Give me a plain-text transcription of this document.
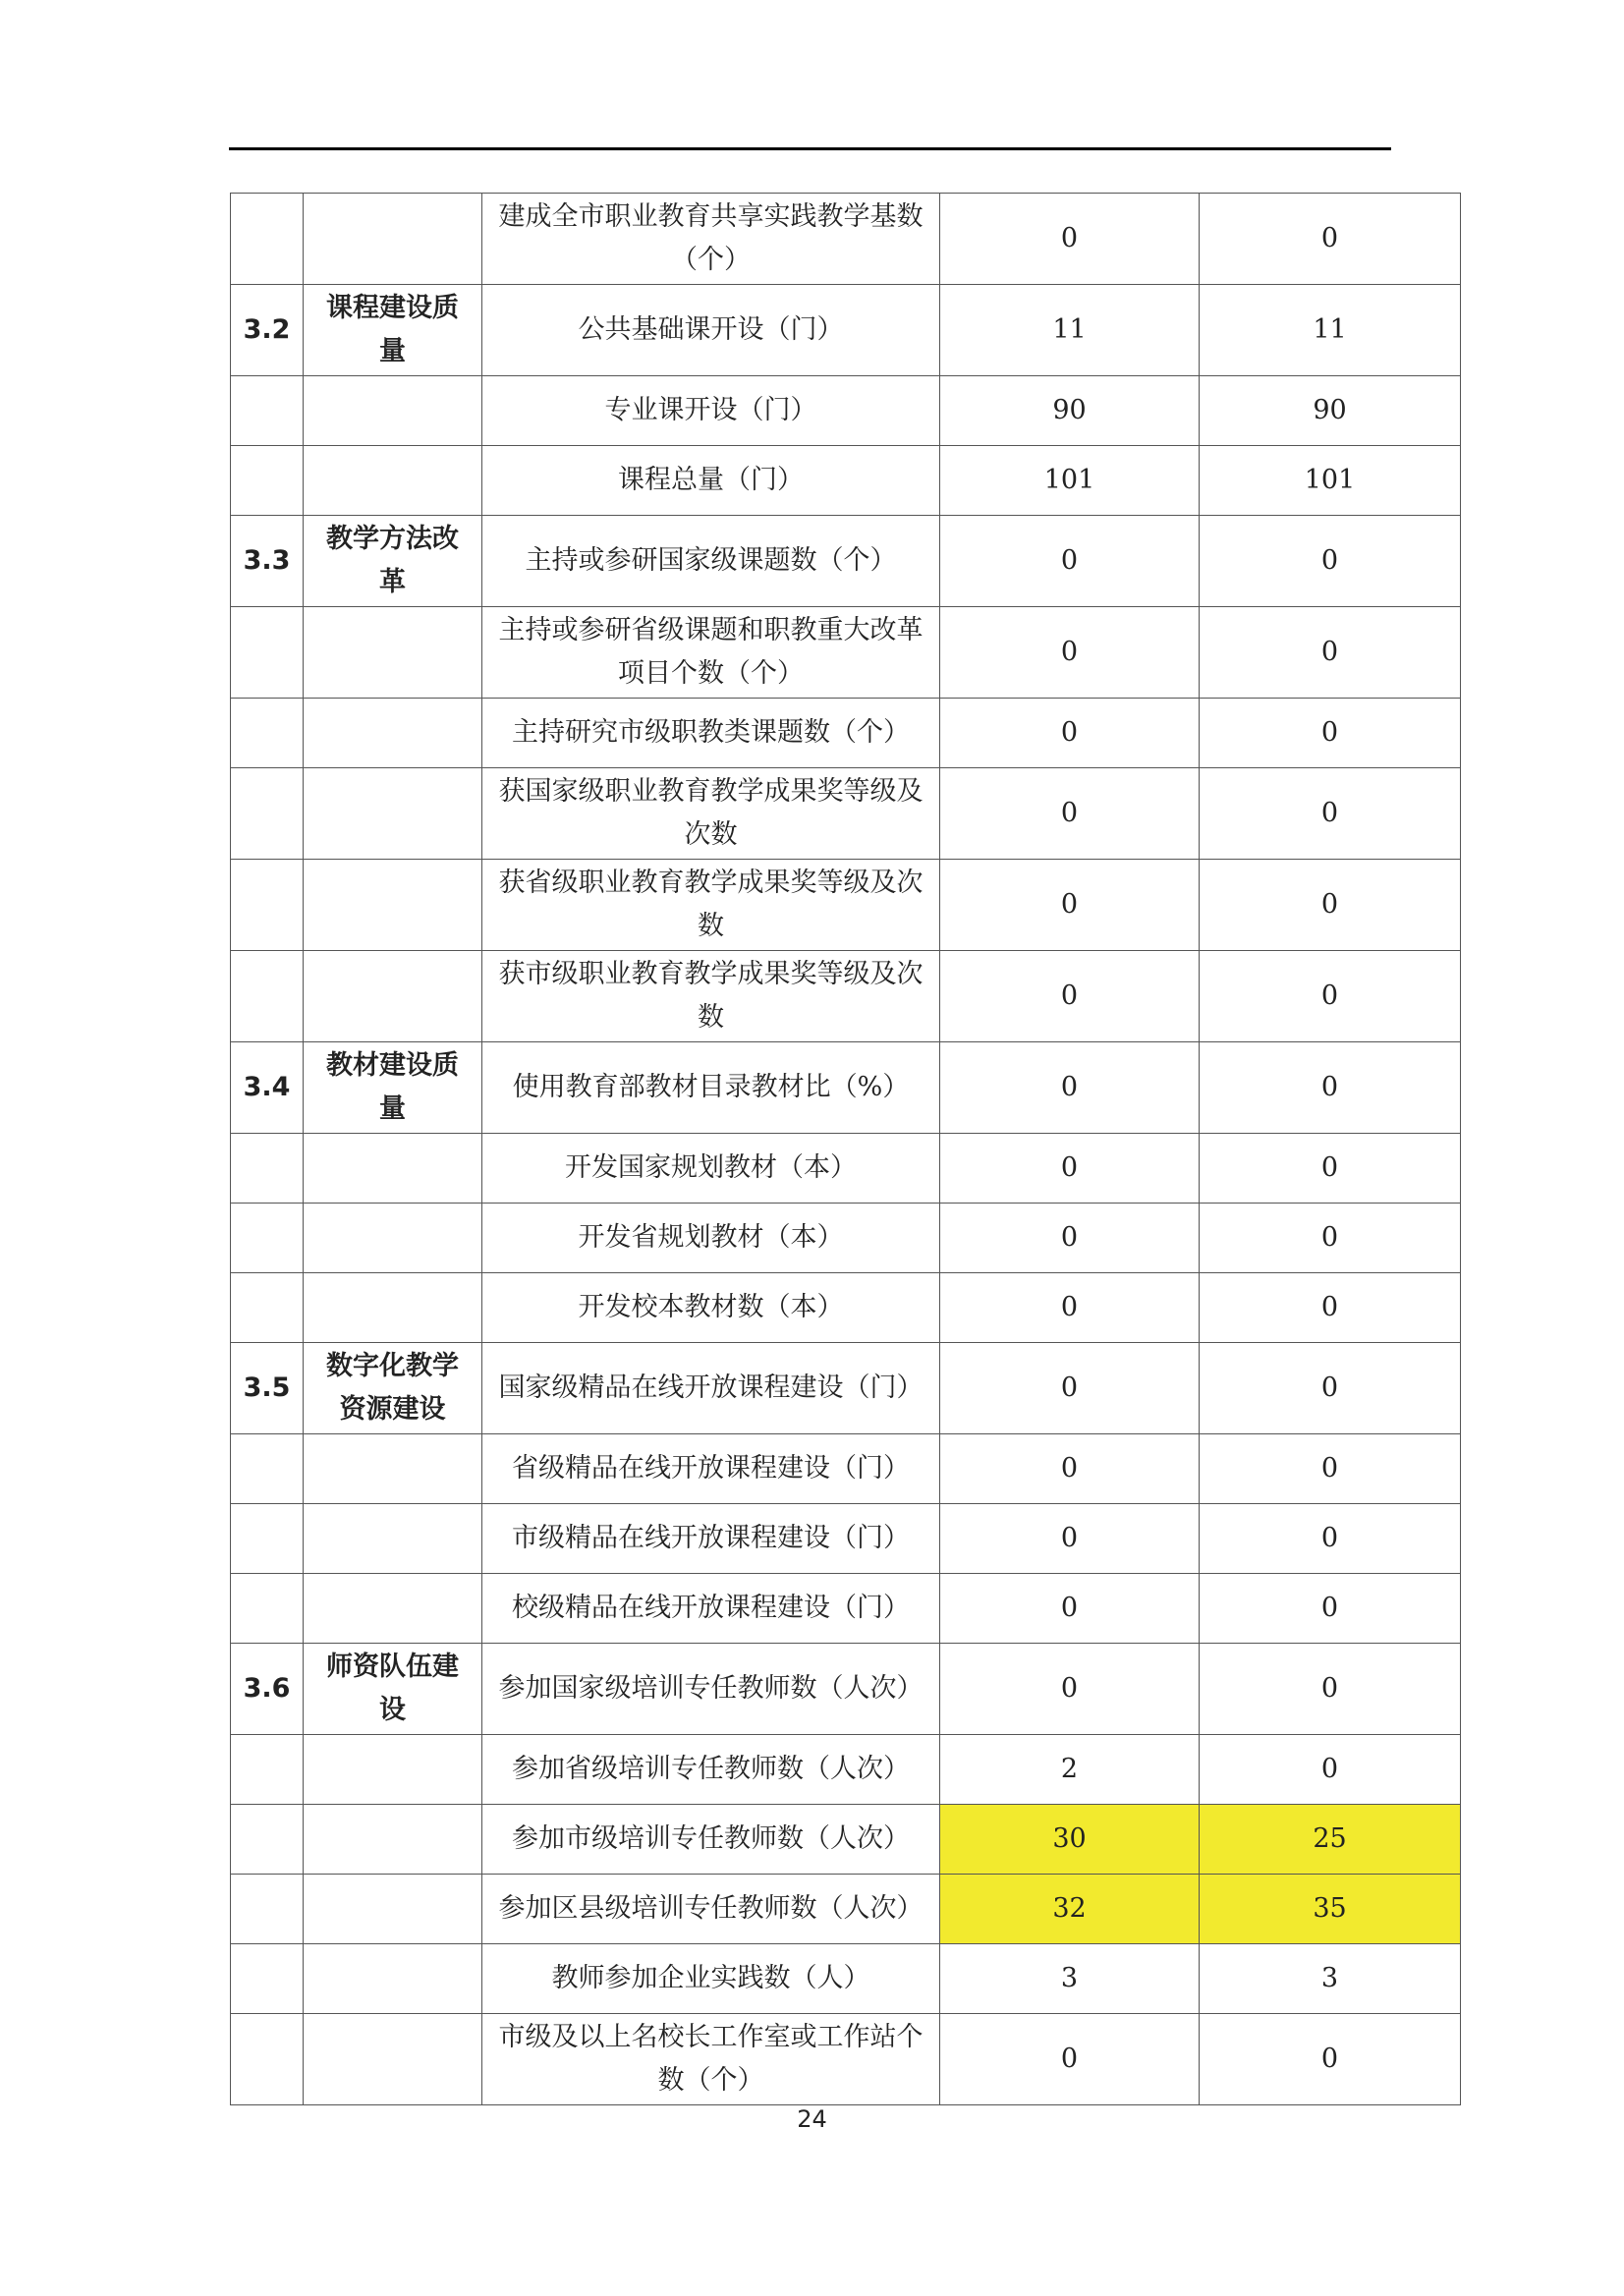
		建成全市职业教育共享实践教学基数（个）	0	0
3.2	课程建设质量	公共基础课开设（门）	11	11
		专业课开设（门）	90	90
		课程总量（门）	101	101
3.3	教学方法改革	主持或参研国家级课题数（个）	0	0
		主持或参研省级课题和职教重大改革项目个数（个）	0	0
		主持研究市级职教类课题数（个）	0	0
		获国家级职业教育教学成果奖等级及次数	0	0
		获省级职业教育教学成果奖等级及次数	0	0
		获市级职业教育教学成果奖等级及次数	0	0
3.4	教材建设质量	使用教育部教材目录教材比（%）	0	0
		开发国家规划教材（本）	0	0
		开发省规划教材（本）	0	0
		开发校本教材数（本）	0	0
3.5	数字化教学资源建设	国家级精品在线开放课程建设（门）	0	0
		省级精品在线开放课程建设（门）	0	0
		市级精品在线开放课程建设（门）	0	0
		校级精品在线开放课程建设（门）	0	0
3.6	师资队伍建设	参加国家级培训专任教师数（人次）	0	0
		参加省级培训专任教师数（人次）	2	0
		参加市级培训专任教师数（人次）	30	25
		参加区县级培训专任教师数（人次）	32	35
		教师参加企业实践数（人）	3	3
		市级及以上名校长工作室或工作站个数（个）	0	0
24
